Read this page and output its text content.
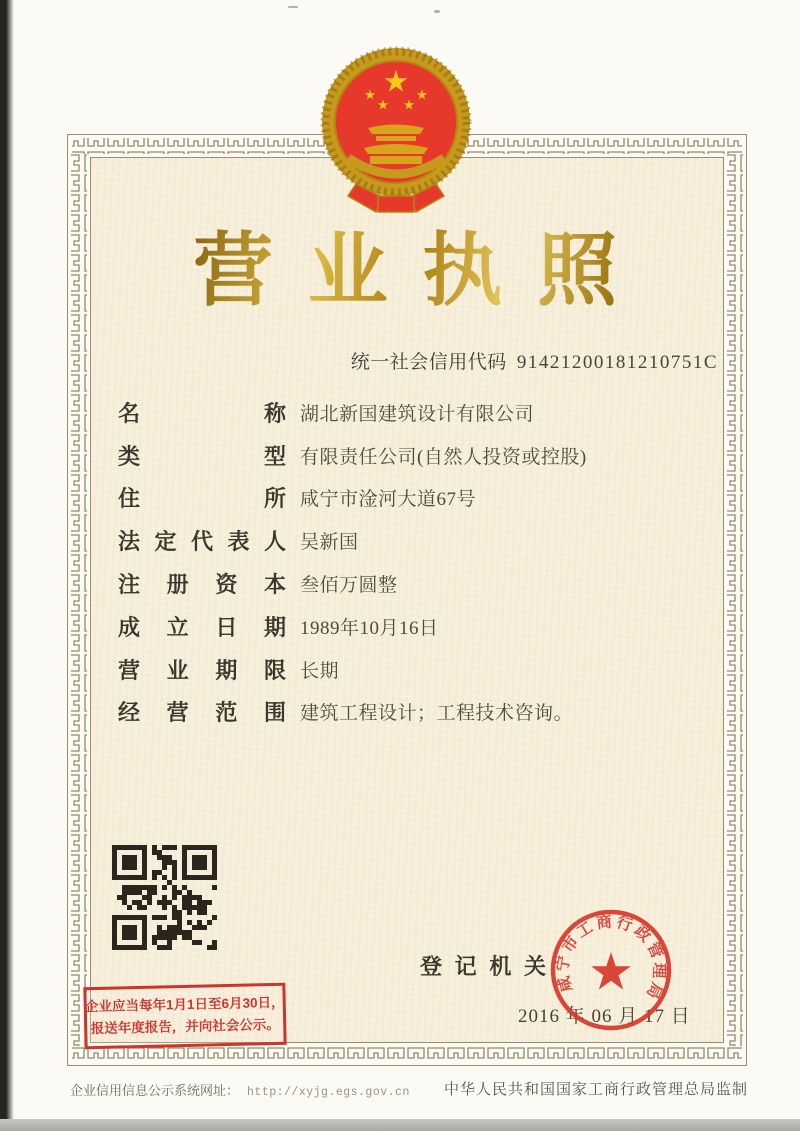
营业执照
统一社会信用代码 91421200181210751C
名称 湖北新国建筑设计有限公司
类型 有限责任公司(自然人投资或控股)
住所 咸宁市淦河大道67号
法定代表人 吴新国
注册资本 叁佰万圆整
成立日期 1989年10月16日
营业期限 长期
经营范围 建筑工程设计；工程技术咨询。
登记机关
2016 年 06 月 17 日
咸宁市工商行政管理局
企业应当每年1月1日至6月30日，
报送年度报告，并向社会公示。
企业信用信息公示系统网址： http://xyjg.egs.gov.cn 中华人民共和国国家工商行政管理总局监制
